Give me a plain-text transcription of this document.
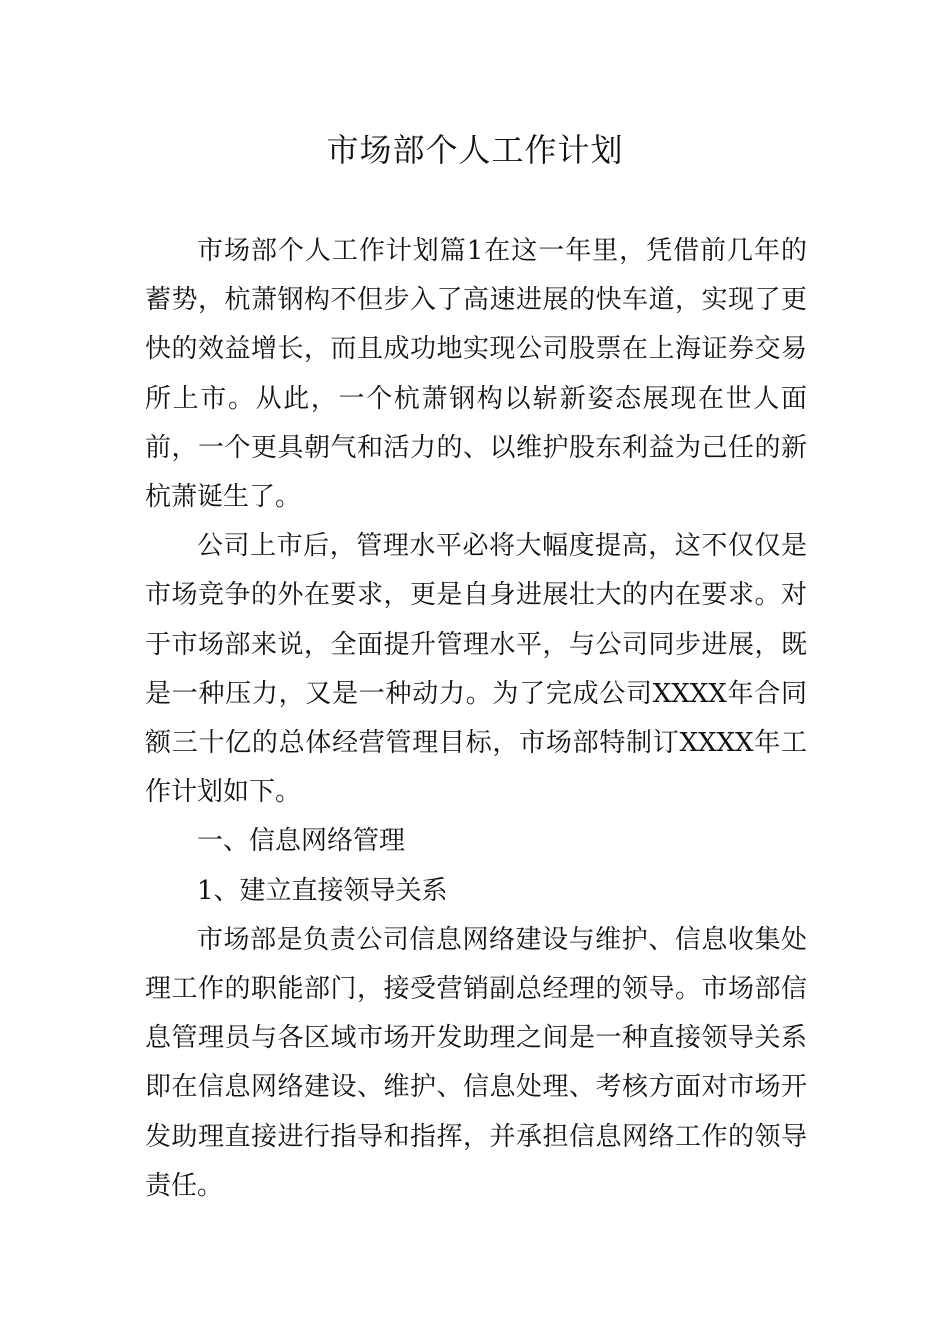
市场部个人工作计划

市场部个人工作计划篇1在这一年里，凭借前几年的蓄势，杭萧钢构不但步入了高速进展的快车道，实现了更快的效益增长，而且成功地实现公司股票在上海证券交易所上市。从此，一个杭萧钢构以崭新姿态展现在世人面前，一个更具朝气和活力的、以维护股东利益为己任的新杭萧诞生了。

公司上市后，管理水平必将大幅度提高，这不仅仅是市场竞争的外在要求，更是自身进展壮大的内在要求。对于市场部来说，全面提升管理水平，与公司同步进展，既是一种压力，又是一种动力。为了完成公司XXXX年合同额三十亿的总体经营管理目标，市场部特制订XXXX年工作计划如下。

一、信息网络管理

1、建立直接领导关系

市场部是负责公司信息网络建设与维护、信息收集处理工作的职能部门，接受营销副总经理的领导。市场部信息管理员与各区域市场开发助理之间是一种直接领导关系即在信息网络建设、维护、信息处理、考核方面对市场开发助理直接进行指导和指挥，并承担信息网络工作的领导责任。
